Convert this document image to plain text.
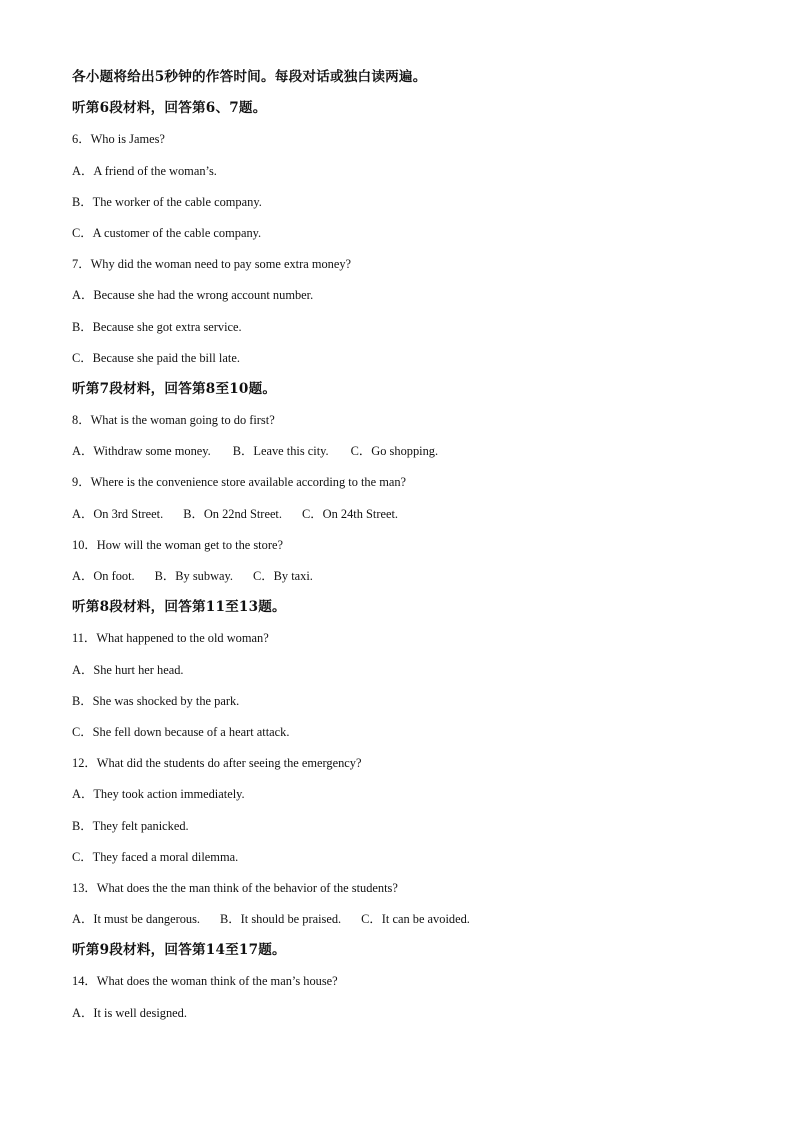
各小题将给出5秒钟的作答时间。每段对话或独白读两遍。
听第6段材料，回答第6、7题。
6．Who is James?
A．A friend of the woman’s.
B．The worker of the cable company.
C．A customer of the cable company.
7．Why did the woman need to pay some extra money?
A．Because she had the wrong account number.
B．Because she got extra service.
C．Because she paid the bill late.
听第7段材料，回答第8至10题。
8．What is the woman going to do first?
A．Withdraw some money. B．Leave this city. C．Go shopping.
9．Where is the convenience store available according to the man?
A．On 3rd Street. B．On 22nd Street. C．On 24th Street.
10．How will the woman get to the store?
A．On foot. B．By subway. C．By taxi.
听第8段材料，回答第11至13题。
11．What happened to the old woman?
A．She hurt her head.
B．She was shocked by the park.
C．She fell down because of a heart attack.
12．What did the students do after seeing the emergency?
A．They took action immediately.
B．They felt panicked.
C．They faced a moral dilemma.
13．What does the the man think of the behavior of the students?
A．It must be dangerous. B．It should be praised. C．It can be avoided.
听第9段材料，回答第14至17题。
14．What does the woman think of the man’s house?
A．It is well designed.
